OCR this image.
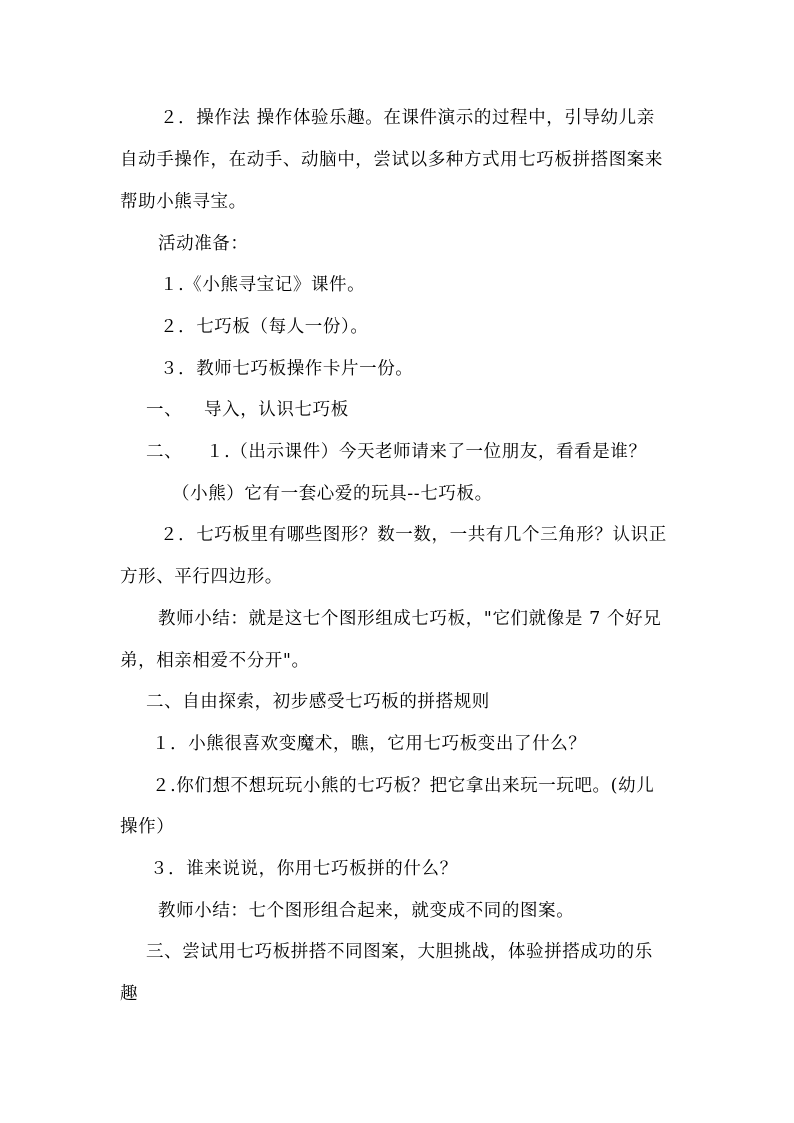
２．操作法 操作体验乐趣。在课件演示的过程中，引导幼儿亲
自动手操作，在动手、动脑中，尝试以多种方式用七巧板拼搭图案来
帮助小熊寻宝。
活动准备：
１.《小熊寻宝记》课件。
２．七巧板（每人一份）。
３．教师七巧板操作卡片一份。
一、 导入，认识七巧板
二、 １.（出示课件）今天老师请来了一位朋友，看看是谁？
（小熊）它有一套心爱的玩具--七巧板。
２．七巧板里有哪些图形？数一数，一共有几个三角形？认识正
方形、平行四边形。
教师小结：就是这七个图形组成七巧板，"它们就像是 7 个好兄
弟，相亲相爱不分开"。
二、自由探索，初步感受七巧板的拼搭规则
１．小熊很喜欢变魔术，瞧，它用七巧板变出了什么？
２.你们想不想玩玩小熊的七巧板？把它拿出来玩一玩吧。(幼儿
操作）
３．谁来说说，你用七巧板拼的什么？
教师小结：七个图形组合起来，就变成不同的图案。
三、尝试用七巧板拼搭不同图案，大胆挑战，体验拼搭成功的乐
趣
